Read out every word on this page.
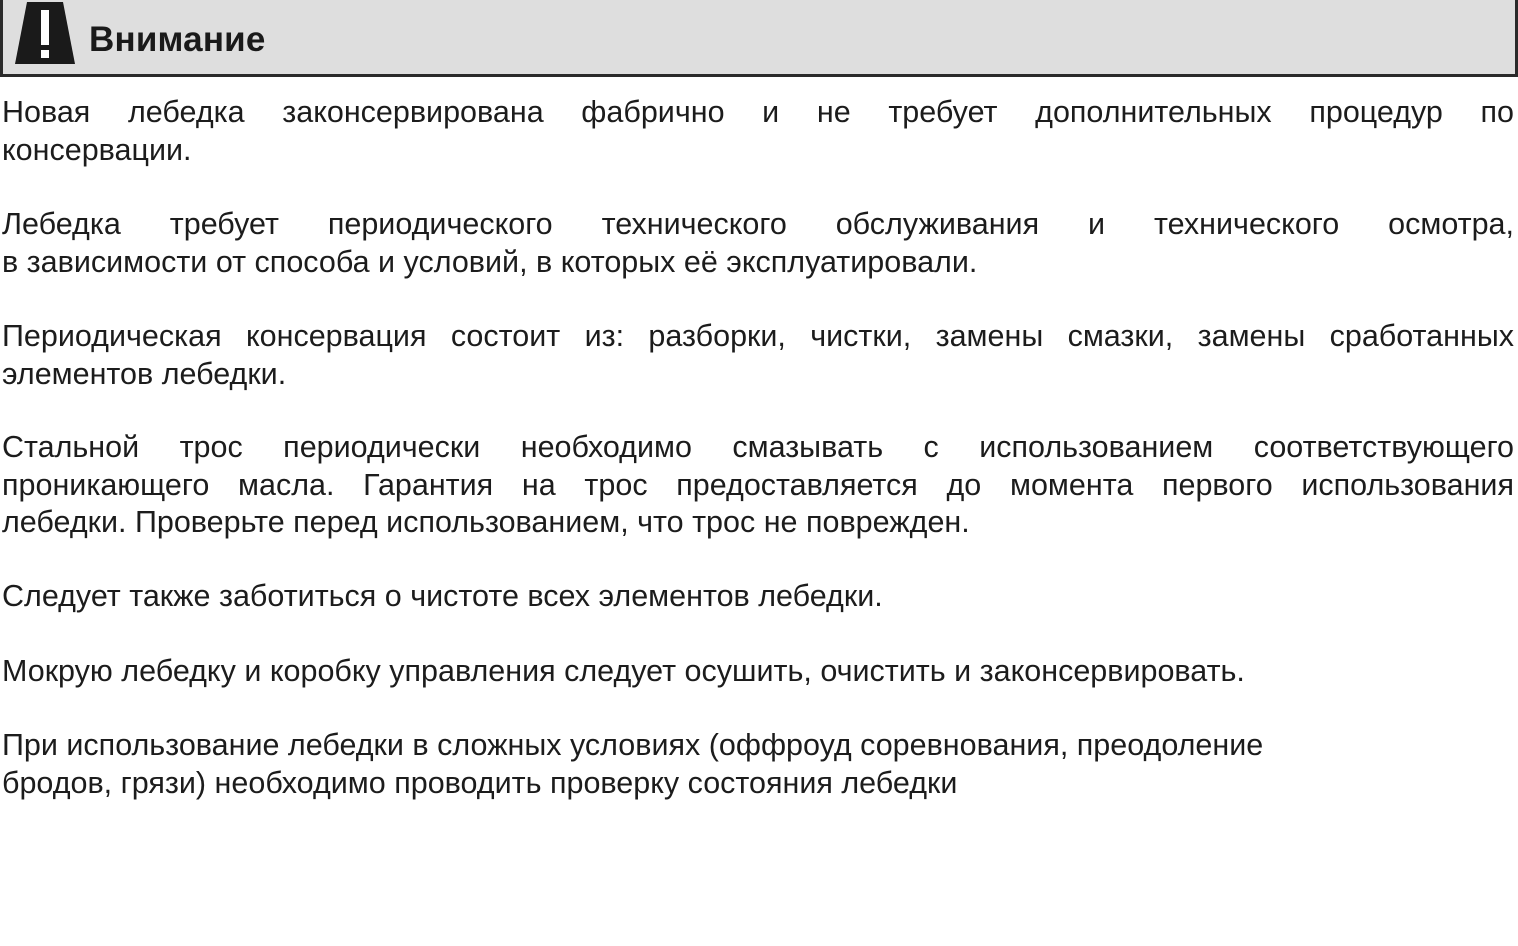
Внимание
Новая лебедка законсервирована фабрично и не требует дополнительных процедур по
консервации.
Лебедка требует периодического технического обслуживания и технического осмотра,
в зависимости от способа и условий, в которых её эксплуатировали.
Периодическая консервация состоит из: разборки, чистки, замены смазки, замены сработанных
элементов лебедки.
Стальной трос периодически необходимо смазывать с использованием соответствующего
проникающего масла. Гарантия на трос предоставляется до момента первого использования
лебедки. Проверьте перед использованием, что трос не поврежден.
Следует также заботиться о чистоте всех элементов лебедки.
Мокрую лебедку и коробку управления следует осушить, очистить и законсервировать.
При использование лебедки в сложных условиях (оффроуд соревнования, преодоление
бродов, грязи) необходимо проводить проверку состояния лебедки
